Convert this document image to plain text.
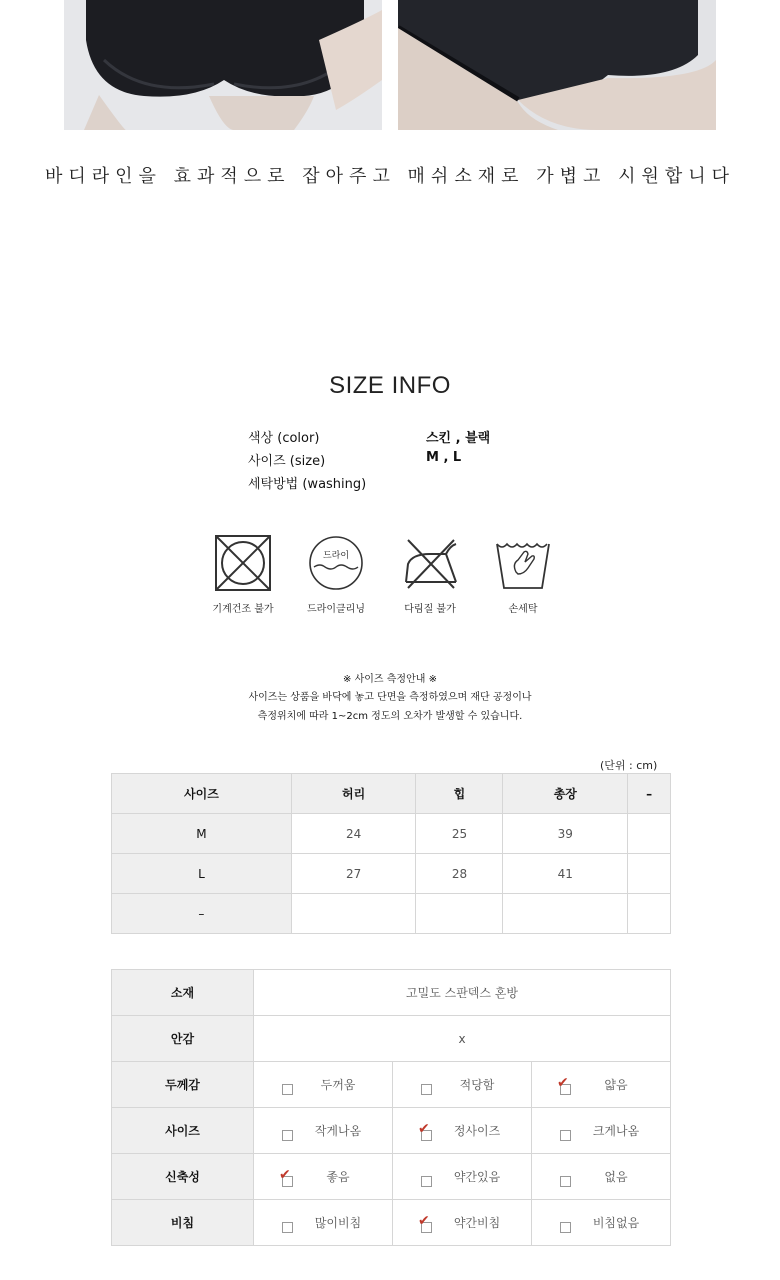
바디라인을 효과적으로 잡아주고 매쉬소재로 가볍고 시원합니다
SIZE INFO
색상 (color)	스킨 , 블랙
사이즈 (size)	M , L
세탁방법 (washing)
기계건조 불가
드라이
드라이클리닝	다림질 불가	손세탁
※ 사이즈 측정안내 ※
사이즈는 상품을 바닥에 놓고 단면을 측정하였으며 재단 공정이나
측정위치에 따라 1~2cm 정도의 오차가 발생할 수 있습니다.
(단위 : cm)
사이즈	허리	힙	총장	–
M	24	25	39	
L	27	28	41	
–				
소재	고밀도 스판덱스 혼방		
안감	x		
두께감	두꺼움	적당함	✔ 얇음

사이즈	작게나옴	✔ 정사이즈	크게나옴

신축성	✔ 좋음	약간있음	없음

비침	많이비침	✔ 약간비침	비침없음
